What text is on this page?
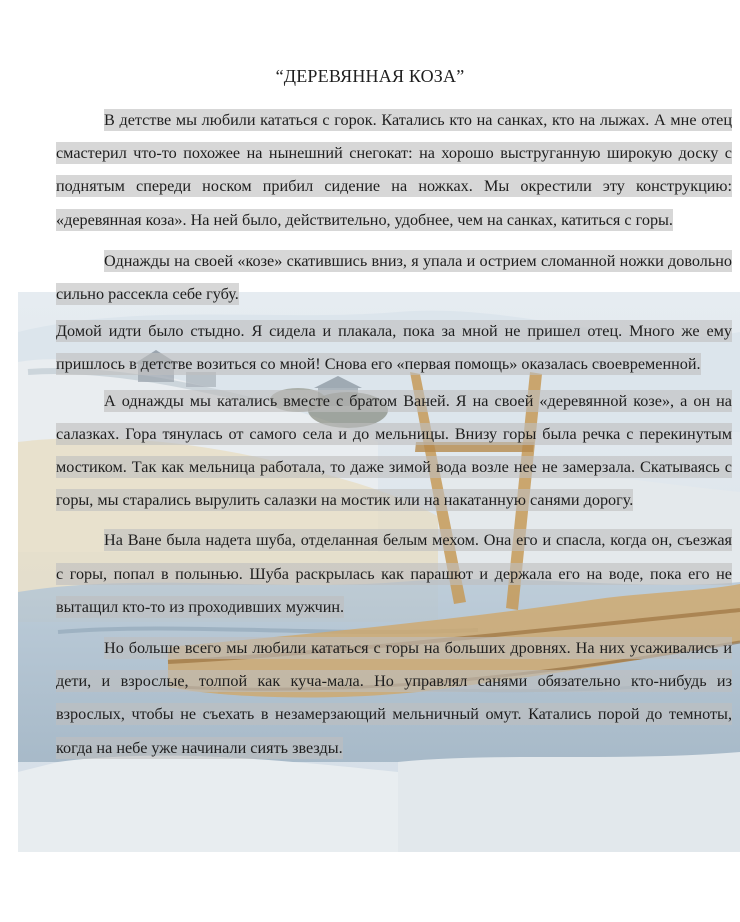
“ДЕРЕВЯННАЯ КОЗА”

В детстве мы любили кататься с горок. Катались кто на санках, кто на лыжах. А мне отец смастерил что-то похожее на нынешний снегокат: на хорошо выструганную широкую доску с поднятым спереди носком прибил сидение на ножках. Мы окрестили эту конструкцию: «деревянная коза». На ней было, действительно, удобнее, чем на санках, катиться с горы.

Однажды на своей «козе» скатившись вниз, я упала и острием сломанной ножки довольно сильно рассекла себе губу.

Домой идти было стыдно. Я сидела и плакала, пока за мной не пришел отец. Много же ему пришлось в детстве возиться со мной! Снова его «первая помощь» оказалась своевременной.

А однажды мы катались вместе с братом Ваней. Я на своей «деревянной козе», а он на салазках. Гора тянулась от самого села и до мельницы. Внизу горы была речка с перекинутым мостиком. Так как мельница работала, то даже зимой вода возле нее не замерзала. Скатываясь с горы, мы старались вырулить салазки на мостик или на накатанную санями дорогу.

На Ване была надета шуба, отделанная белым мехом. Она его и спасла, когда он, съезжая с горы, попал в полынью. Шуба раскрылась как парашют и держала его на воде, пока его не вытащил кто-то из проходивших мужчин.

Но больше всего мы любили кататься с горы на больших дровнях. На них усаживались и дети, и взрослые, толпой как куча-мала. Но управлял санями обязательно кто-нибудь из взрослых, чтобы не съехать в незамерзающий мельничный омут. Катались порой до темноты, когда на небе уже начинали сиять звезды.
